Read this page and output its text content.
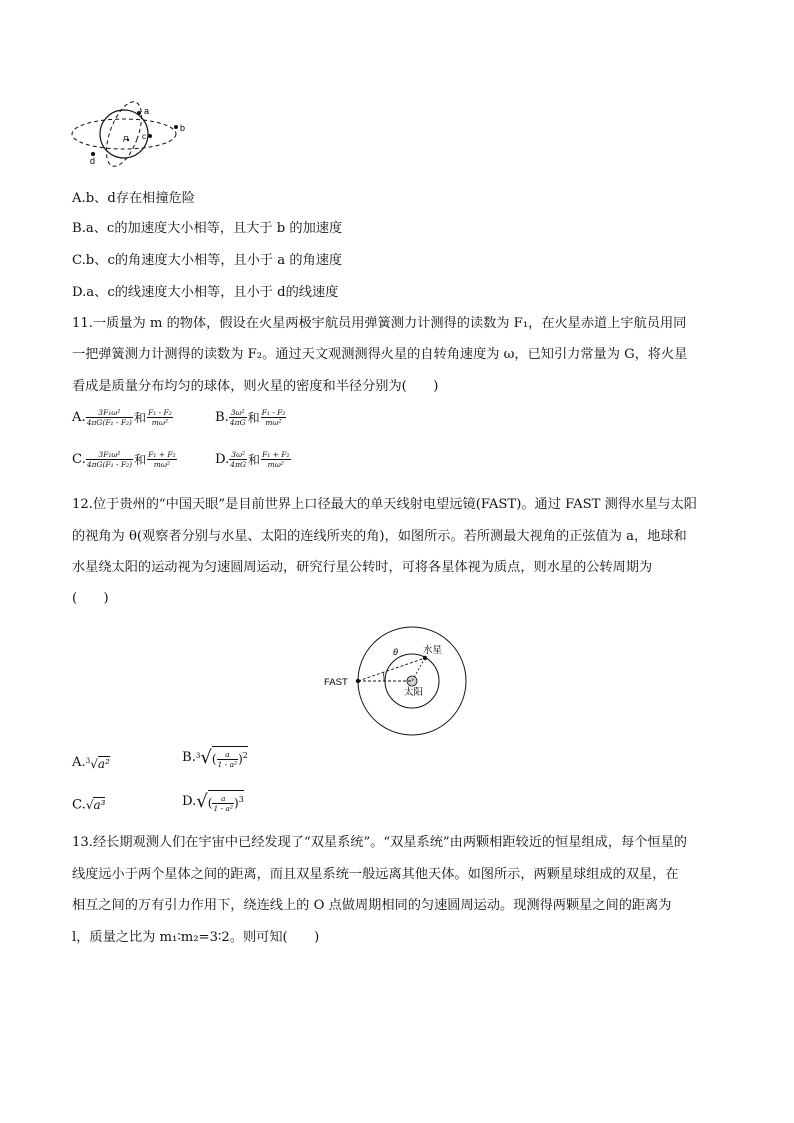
a
b
c
d
P
A.b、d存在相撞危险
B.a、c的加速度大小相等，且大于 b 的加速度
C.b、c的角速度大小相等，且小于 a 的角速度
D.a、c的线速度大小相等，且小于 d的线速度
11.一质量为 m 的物体，假设在火星两极宇航员用弹簧测力计测得的读数为 F₁，在火星赤道上宇航员用同
一把弹簧测力计测得的读数为 F₂。通过天文观测测得火星的自转角速度为 ω，已知引力常量为 G，将火星
看成是质量分布均匀的球体，则火星的密度和半径分别为(　　)
A. $\frac{\text{3F₁ω²}}{\text{4πG(F₁ - F₂)}}$ 和 $\frac{\text{F₁ - F₂}}{\text{mω²}}$	B. $\frac{\text{3ω²}}{4\pi G}$ 和 $\frac{\text{F₁ - F₂}}{\text{mω²}}$
C. $\frac{\text{3F₁ω²}}{\text{4πG(F₁ - F₂)}}$ 和 $\frac{\text{F₁ + F₂}}{\text{mω²}}$	D. $\frac{\text{3ω²}}{4\pi G}$ 和 $\frac{\text{F₁ + F₂}}{\text{mω²}}$
12.位于贵州的“中国天眼”是目前世界上口径最大的单天线射电望远镜(FAST)。通过 FAST 测得水星与太阳
的视角为 θ(观察者分别与水星、太阳的连线所夹的角)，如图所示。若所测最大视角的正弦值为 a，地球和
水星绕太阳的运动视为匀速圆周运动，研究行星公转时，可将各星体视为质点，则水星的公转周期为
(　　)
FAST
θ	水星
太阳
A.$^3$√a²	$B.^3√( \frac{a}{\text{1 - a²}} )^2$
C.√a³	$D.√( \frac{a}{\text{1 - a²}} )^3$
13.经长期观测人们在宇宙中已经发现了“双星系统”。“双星系统”由两颗相距较近的恒星组成，每个恒星的
线度远小于两个星体之间的距离，而且双星系统一般远离其他天体。如图所示，两颗星球组成的双星，在
相互之间的万有引力作用下，绕连线上的 O 点做周期相同的匀速圆周运动。现测得两颗星之间的距离为
l，质量之比为 m₁∶m₂=3∶2。则可知(　　)
